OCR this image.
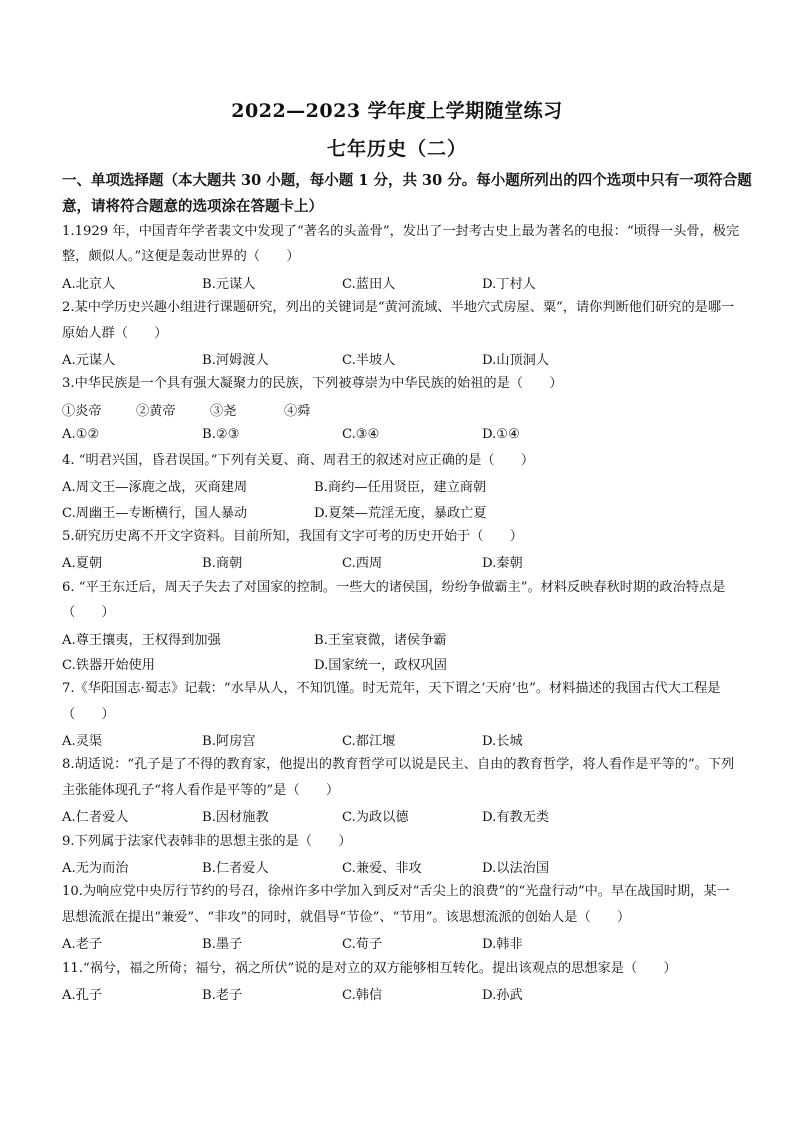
2022—2023 学年度上学期随堂练习
七年历史（二）
一、单项选择题（本大题共 30 小题，每小题 1 分，共 30 分。每小题所列出的四个选项中只有一项符合题意，请将符合题意的选项涂在答题卡上）

1.1929 年，中国青年学者裴文中发现了“著名的头盖骨”，发出了一封考古史上最为著名的电报：“顷得一头骨，极完整，颇似人。”这便是轰动世界的（　　）

A.北京人	B.元谋人	C.蓝田人	D.丁村人

2.某中学历史兴趣小组进行课题研究，列出的关键词是“黄河流域、半地穴式房屋、粟”，请你判断他们研究的是哪一原始人群（　　）

A.元谋人	B.河姆渡人	C.半坡人	D.山顶洞人

3.中华民族是一个具有强大凝聚力的民族，下列被尊崇为中华民族的始祖的是（　　）

①炎帝	②黄帝	③尧	④舜
A.①②	B.②③	C.③④	D.①④

4. “明君兴国，昏君误国。”下列有关夏、商、周君王的叙述对应正确的是（　　）

A.周文王—涿鹿之战，灭商建周	B.商约—任用贤臣，建立商朝
C.周幽王—专断横行，国人暴动	D.夏桀—荒淫无度，暴政亡夏

5.研究历史离不开文字资料。目前所知，我国有文字可考的历史开始于（　　）

A.夏朝	B.商朝	C.西周	D.秦朝

6. “平王东迁后，周天子失去了对国家的控制。一些大的诸侯国，纷纷争做霸主”。材料反映春秋时期的政治特点是（　　）

A.尊王攘夷，王权得到加强	B.王室衰微，诸侯争霸
C.铁器开始使用	D.国家统一，政权巩固

7.《华阳国志·蜀志》记载：“水旱从人，不知饥馑。时无荒年，天下谓之‘天府’也”。材料描述的我国古代大工程是（　　）

A.灵渠	B.阿房宫	C.都江堰	D.长城

8.胡适说：“孔子是了不得的教育家，他提出的教育哲学可以说是民主、自由的教育哲学，将人看作是平等的”。下列主张能体现孔子“将人看作是平等的”是（　　）

A.仁者爱人	B.因材施教	C.为政以德	D.有教无类

9.下列属于法家代表韩非的思想主张的是（　　）

A.无为而治	B.仁者爱人	C.兼爱、非攻	D.以法治国

10.为响应党中央厉行节约的号召，徐州许多中学加入到反对“舌尖上的浪费”的“光盘行动”中。早在战国时期，某一思想流派在提出“兼爱”、“非攻”的同时，就倡导“节俭”、“节用”。该思想流派的创始人是（　　）

A.老子	B.墨子	C.荀子	D.韩非

11.“祸兮，福之所倚；福兮，祸之所伏”说的是对立的双方能够相互转化。提出该观点的思想家是（　　）

A.孔子	B.老子	C.韩信	D.孙武
